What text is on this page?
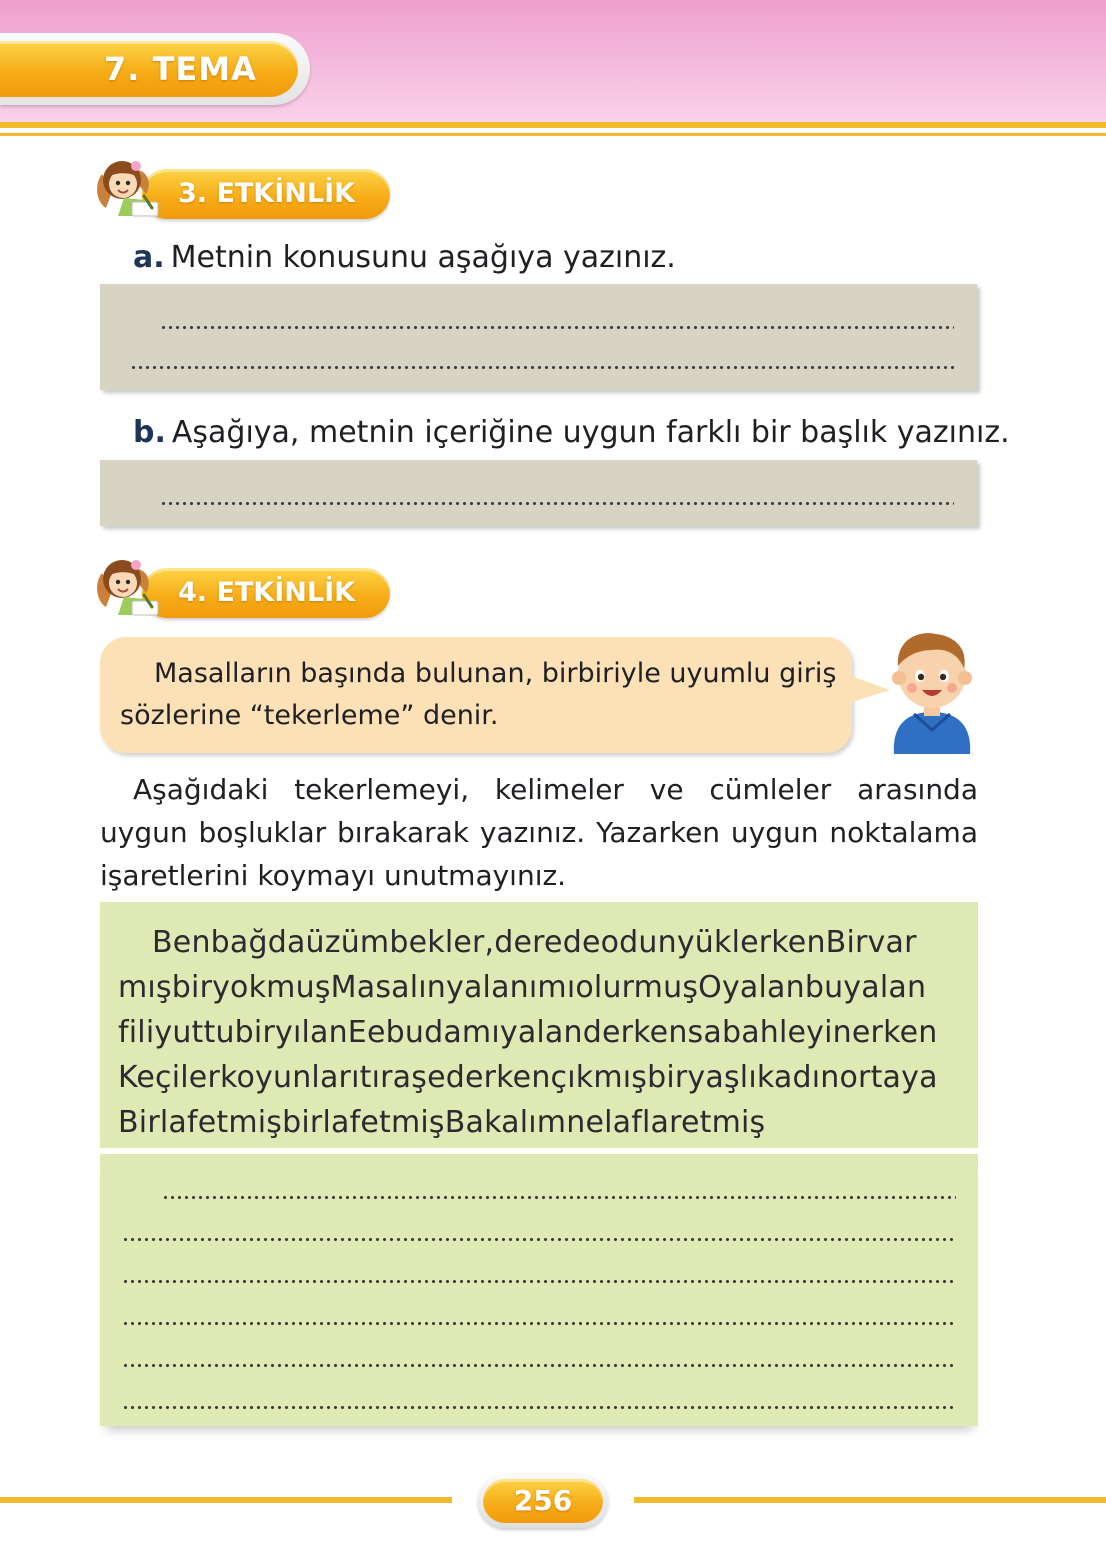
7. TEMA
3. ETKİNLİK
a. Metnin konusunu aşağıya yazınız.
b. Aşağıya, metnin içeriğine uygun farklı bir başlık yazınız.
4. ETKİNLİK
Masalların başında bulunan, birbiriyle uyumlu giriş sözlerine “tekerleme” denir.
Aşağıdaki tekerlemeyi, kelimeler ve cümleler arasında uygun boşluklar bırakarak yazınız. Yazarken uygun noktalama işaretlerini koymayı unutmayınız.
Benbağdaüzümbekler,deredeodunyüklerkenBirvar
mışbiryokmuşMasalınyalanımıolurmuşOyalanbuyalan
filiyuttubiryılanEebudamıyalanderkensabahleyinerken
Keçilerkoyunlarıtıraşederkençıkmışbiryaşlıkadınortaya
BirlafetmişbirlafetmişBakalımnelaflaretmiş
256
